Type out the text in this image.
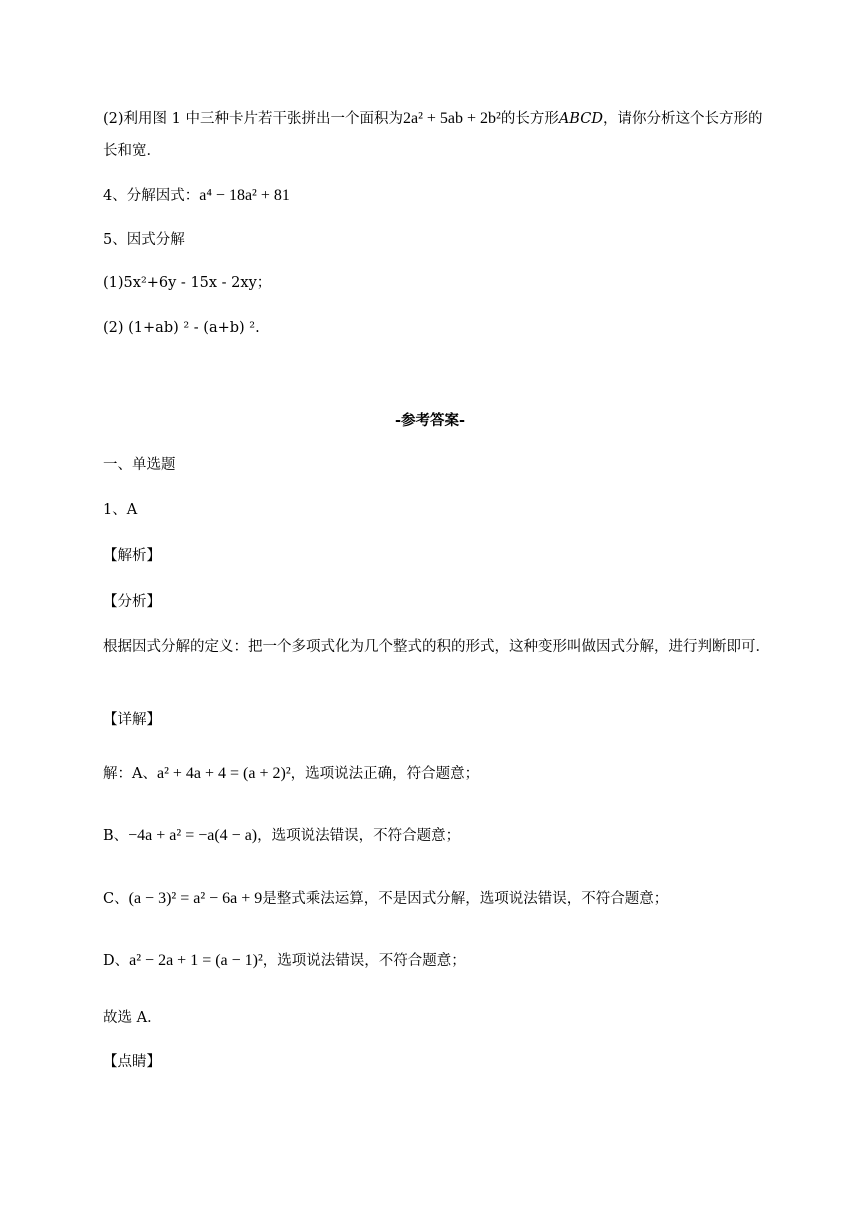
(2)利用图 1 中三种卡片若干张拼出一个面积为2a² + 5ab + 2b²的长方形ABCD，请你分析这个长方形的
长和宽．
4、分解因式：a⁴ − 18a² + 81
5、因式分解
(1)5x²+6y - 15x - 2xy；
(2) (1+ab) ² - (a+b) ².
-参考答案-
一、单选题
1、A
【解析】
【分析】
根据因式分解的定义：把一个多项式化为几个整式的积的形式，这种变形叫做因式分解，进行判断即可．
【详解】
解：A、a² + 4a + 4 = (a + 2)²，选项说法正确，符合题意；
B、−4a + a² = −a(4 − a)，选项说法错误，不符合题意；
C、(a − 3)² = a² − 6a + 9是整式乘法运算，不是因式分解，选项说法错误，不符合题意；
D、a² − 2a + 1 = (a − 1)²，选项说法错误，不符合题意；
故选 A．
【点睛】
